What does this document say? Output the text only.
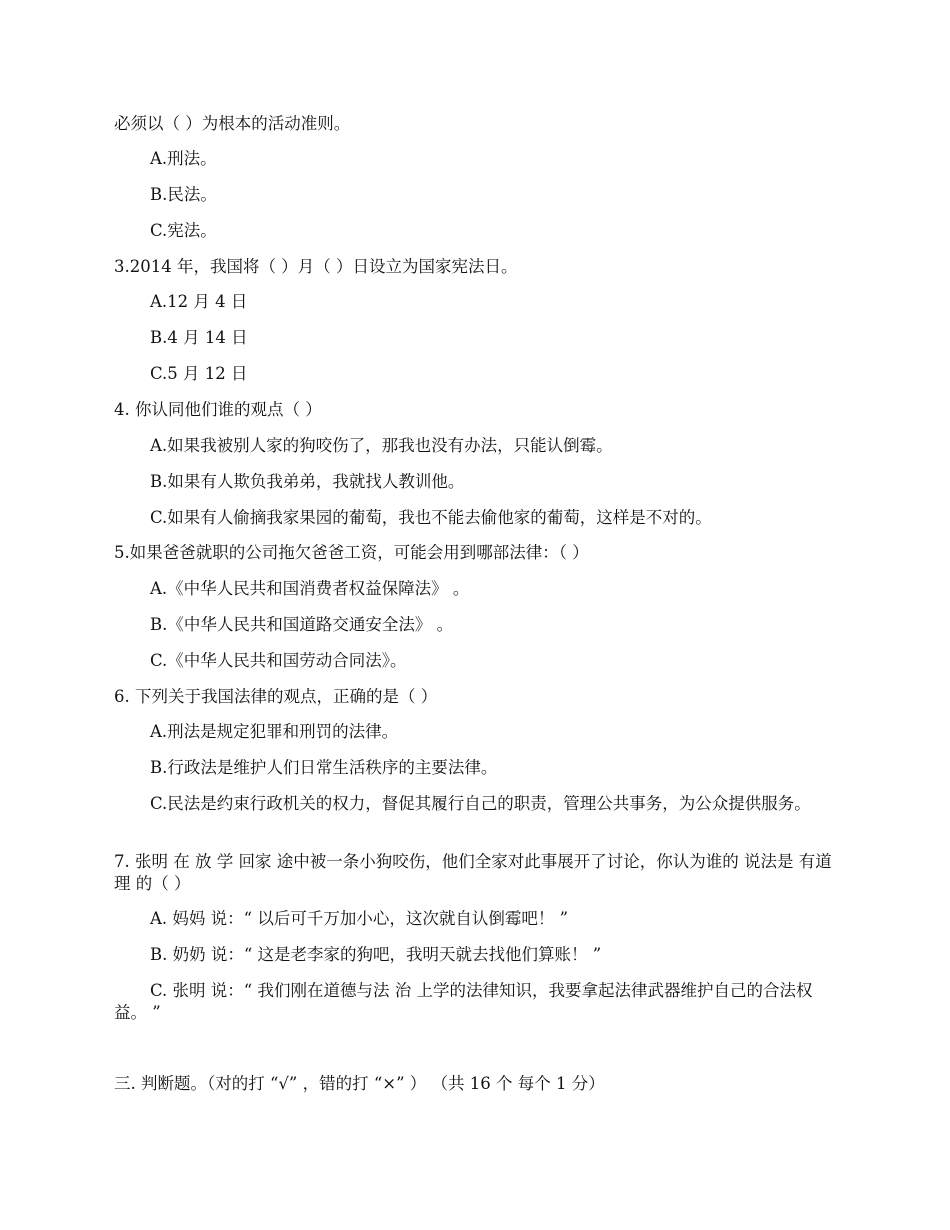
必须以（ ）为根本的活动准则。
A.刑法。
B.民法。
C.宪法。
3.2014 年，我国将（ ）月（ ）日设立为国家宪法日。
A.12 月 4 日
B.4 月 14 日
C.5 月 12 日
4. 你认同他们谁的观点（ ）
A.如果我被别人家的狗咬伤了，那我也没有办法，只能认倒霉。
B.如果有人欺负我弟弟，我就找人教训他。
C.如果有人偷摘我家果园的葡萄，我也不能去偷他家的葡萄，这样是不对的。
5.如果爸爸就职的公司拖欠爸爸工资，可能会用到哪部法律：（ ）
A.《中华人民共和国消费者权益保障法》 。
B.《中华人民共和国道路交通安全法》 。
C.《中华人民共和国劳动合同法》。
6. 下列关于我国法律的观点，正确的是（ ）
A.刑法是规定犯罪和刑罚的法律。
B.行政法是维护人们日常生活秩序的主要法律。
C.民法是约束行政机关的权力，督促其履行自己的职责，管理公共事务，为公众提供服务。
7. 张明 在 放 学 回家 途中被一条小狗咬伤，他们全家对此事展开了讨论，你认为谁的 说法是 有道理 的（ ）
A. 妈妈 说：“ 以后可千万加小心，这次就自认倒霉吧！ ”
B. 奶奶 说：“ 这是老李家的狗吧，我明天就去找他们算账！ ”
C. 张明 说：“ 我们刚在道德与法 治 上学的法律知识，我要拿起法律武器维护自己的合法权益。 ”
三. 判断题。（对的打 “√” ，错的打 “×” ） （共 16 个 每个 1 分）
